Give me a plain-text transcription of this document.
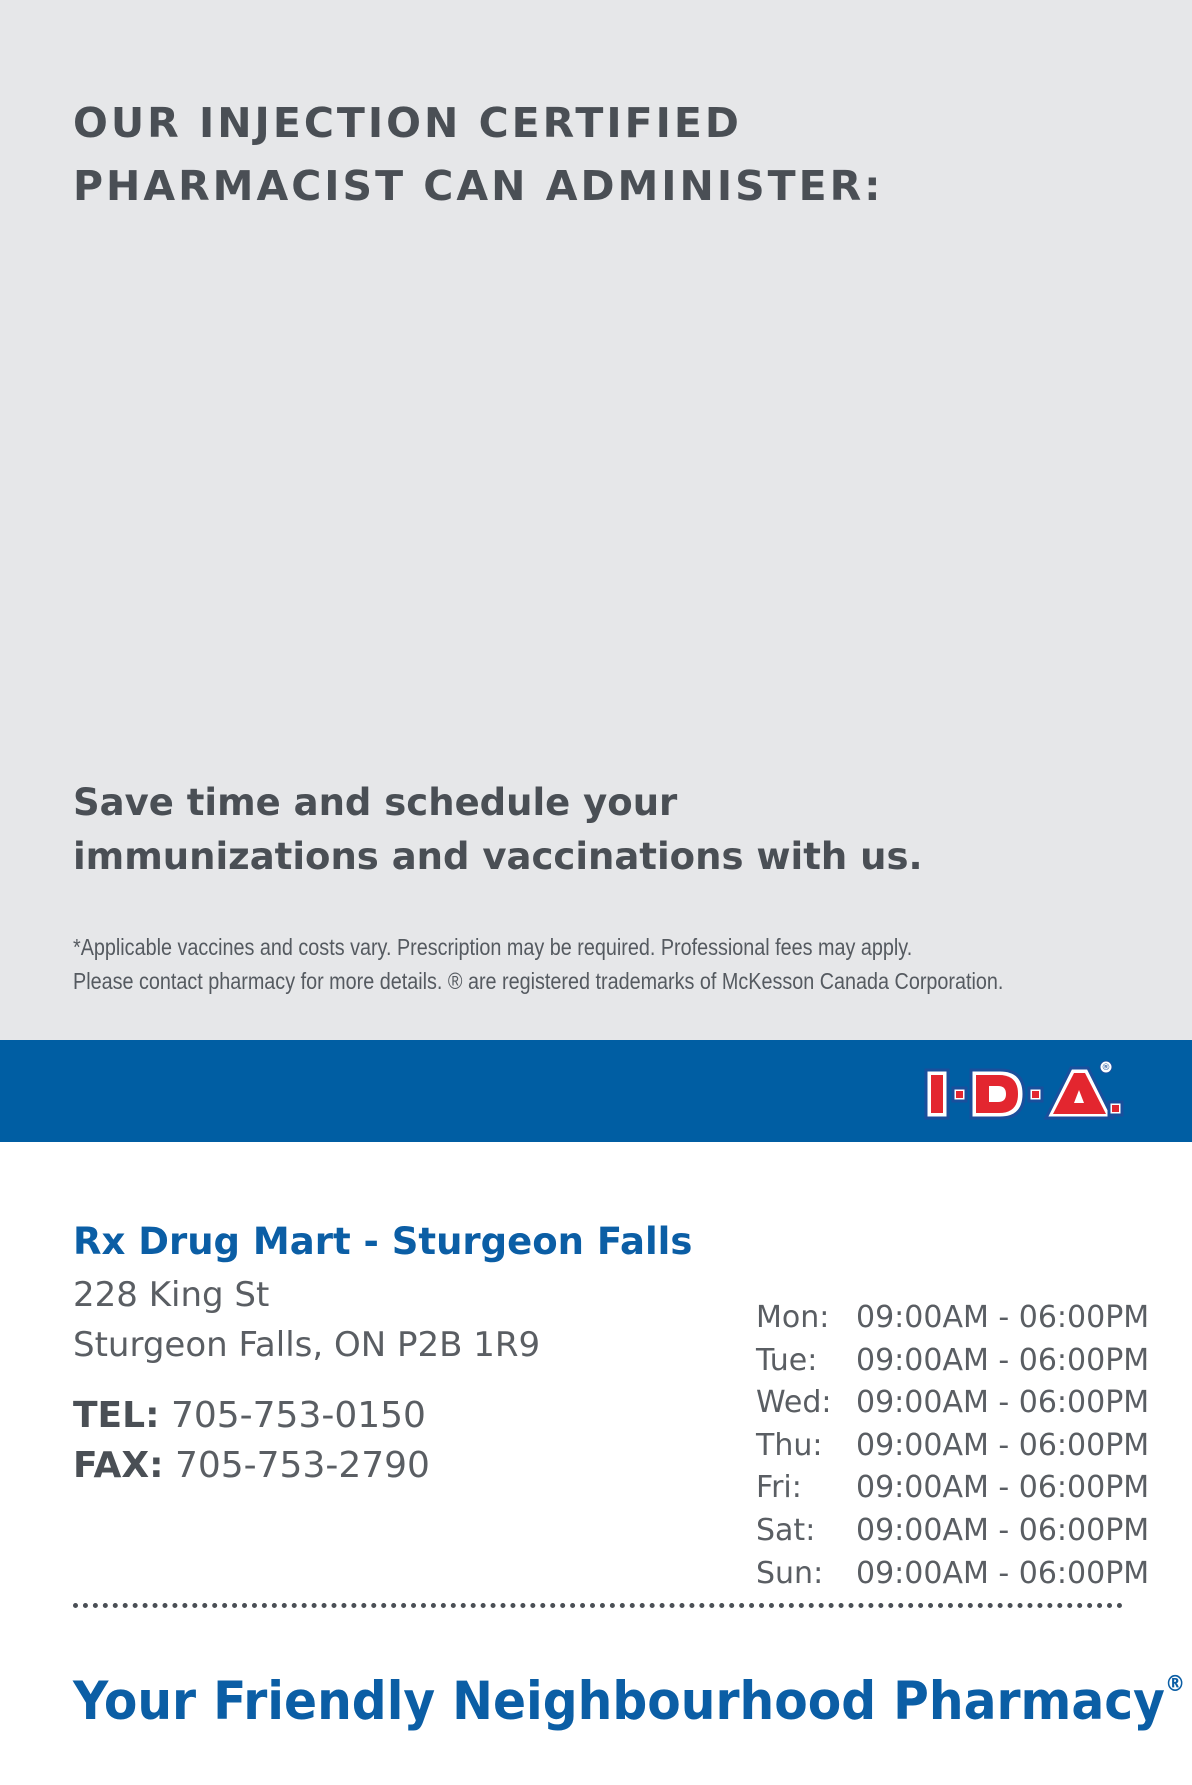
OUR INJECTION CERTIFIED
PHARMACIST CAN ADMINISTER:

Save time and schedule your
immunizations and vaccinations with us.

*Applicable vaccines and costs vary. Prescription may be required. Professional fees may apply.
Please contact pharmacy for more details. ® are registered trademarks of McKesson Canada Corporation.

®
Rx Drug Mart - Sturgeon Falls
228 King St
Sturgeon Falls, ON P2B 1R9
TEL: 705-753-0150
FAX: 705-753-2790
Mon: 09:00AM - 06:00PM
Tue:	09:00AM - 06:00PM
Wed: 09:00AM - 06:00PM
Thu:	09:00AM - 06:00PM
Fri:	09:00AM - 06:00PM
Sat:	09:00AM - 06:00PM
Sun:	09:00AM - 06:00PM

Your Friendly Neighbourhood Pharmacy®
